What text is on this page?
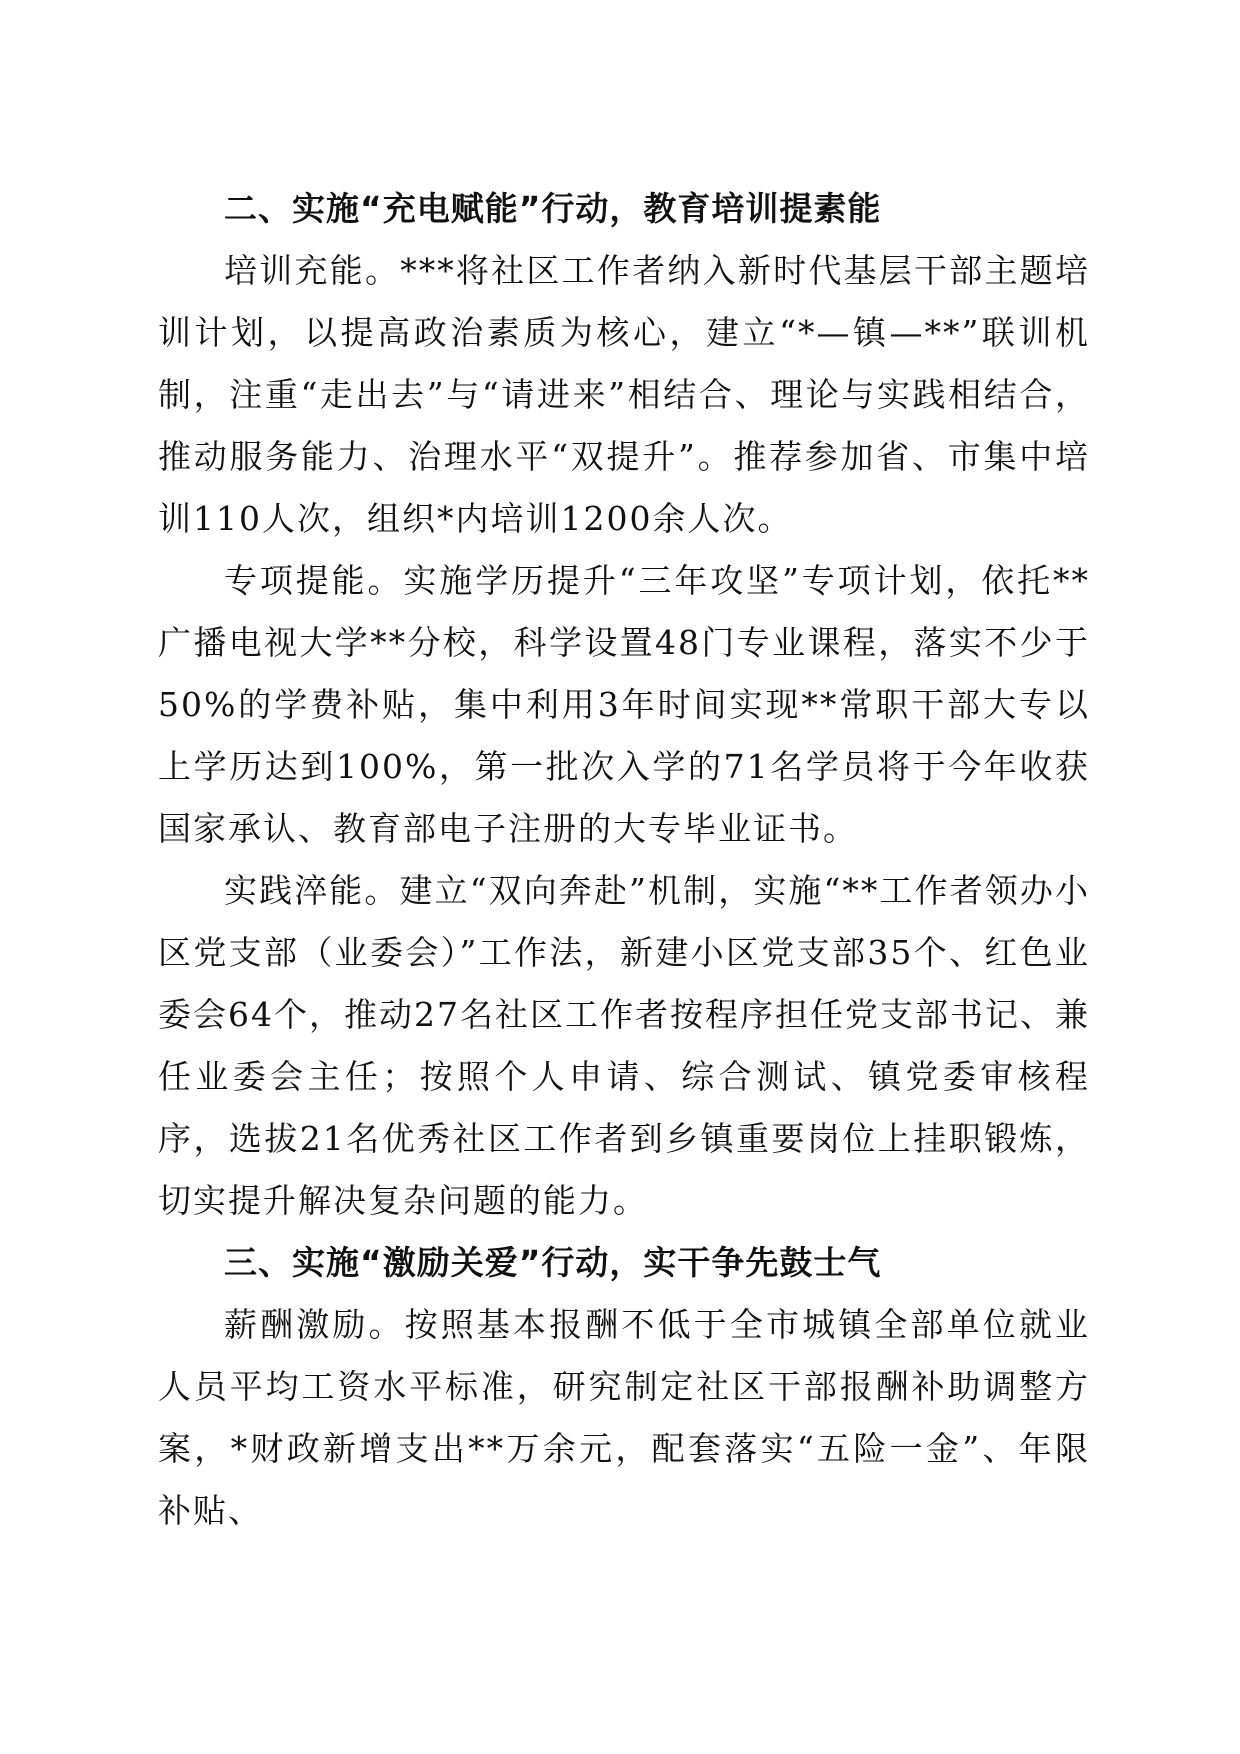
二、实施“充电赋能”行动，教育培训提素能

培训充能。***将社区工作者纳入新时代基层干部主题培训计划，以提高政治素质为核心，建立“*—镇—**”联训机制，注重“走出去”与“请进来”相结合、理论与实践相结合，推动服务能力、治理水平“双提升”。推荐参加省、市集中培训110人次，组织*内培训1200余人次。

专项提能。实施学历提升“三年攻坚”专项计划，依托**广播电视大学**分校，科学设置48门专业课程，落实不少于50%的学费补贴，集中利用3年时间实现**常职干部大专以上学历达到100%，第一批次入学的71名学员将于今年收获国家承认、教育部电子注册的大专毕业证书。

实践淬能。建立“双向奔赴”机制，实施“**工作者领办小区党支部（业委会）”工作法，新建小区党支部35个、红色业委会64个，推动27名社区工作者按程序担任党支部书记、兼任业委会主任；按照个人申请、综合测试、镇党委审核程序，选拔21名优秀社区工作者到乡镇重要岗位上挂职锻炼，切实提升解决复杂问题的能力。

三、实施“激励关爱”行动，实干争先鼓士气

薪酬激励。按照基本报酬不低于全市城镇全部单位就业人员平均工资水平标准，研究制定社区干部报酬补助调整方案，*财政新增支出**万余元，配套落实“五险一金”、年限补贴、
